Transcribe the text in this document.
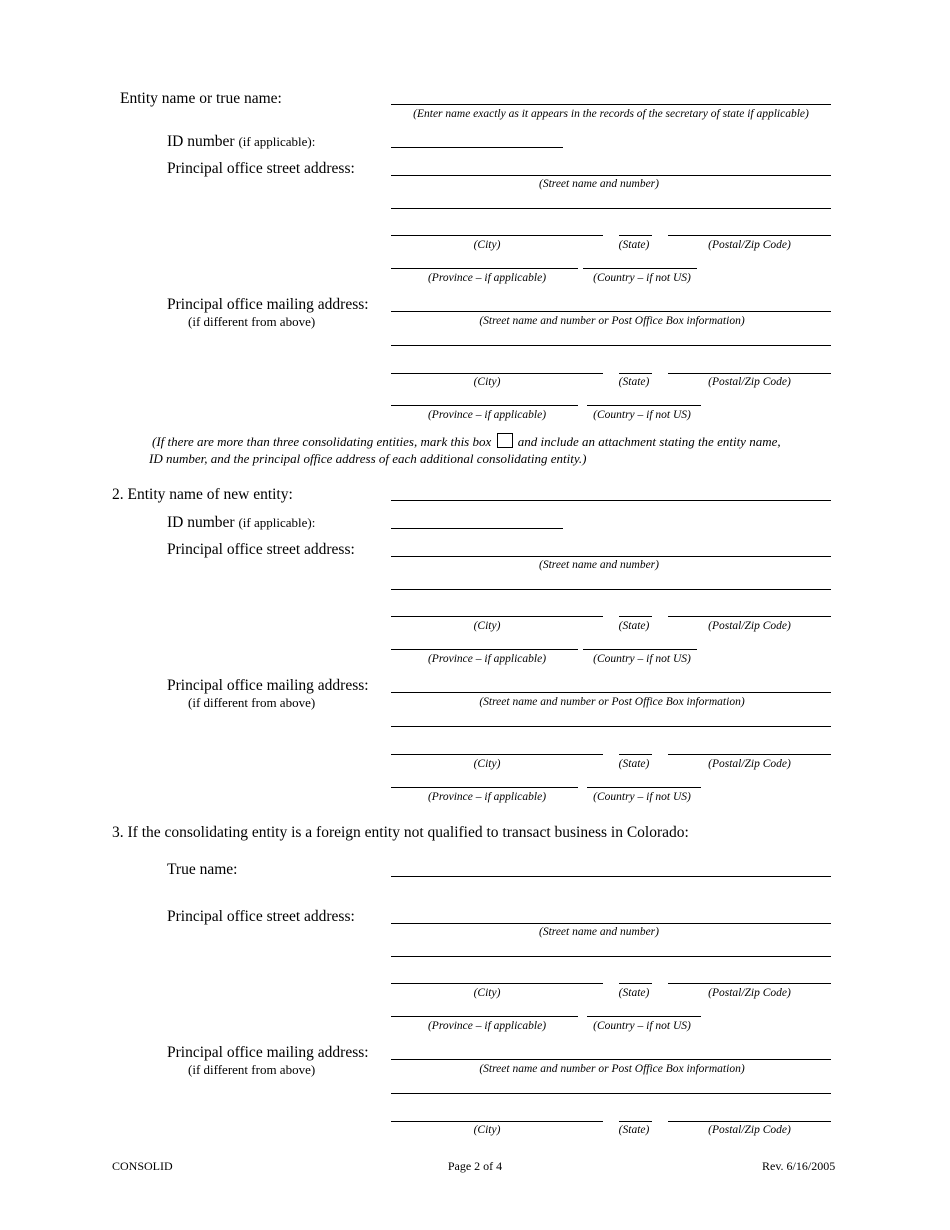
Entity name or true name:
(Enter name exactly as it appears in the records of the secretary of state if applicable)
ID number (if applicable):
Principal office street address:
(Street name and number)
(City)	(State)	(Postal/Zip Code)
(Province – if applicable)	(Country – if not US)
Principal office mailing address:
(if different from above)	(Street name and number or Post Office Box information)
(City)	(State)	(Postal/Zip Code)
(Province – if applicable)	(Country – if not US)
(If there are more than three consolidating entities, mark this box and include an attachment stating the entity name,
ID number, and the principal office address of each additional consolidating entity.)
2. Entity name of new entity:
ID number (if applicable):
Principal office street address:
(Street name and number)
(City)	(State)	(Postal/Zip Code)
(Province – if applicable)	(Country – if not US)
Principal office mailing address:
(if different from above)	(Street name and number or Post Office Box information)
(City)	(State)	(Postal/Zip Code)
(Province – if applicable)	(Country – if not US)
3. If the consolidating entity is a foreign entity not qualified to transact business in Colorado:
True name:
Principal office street address:
(Street name and number)
(City)	(State)	(Postal/Zip Code)
(Province – if applicable)	(Country – if not US)
Principal office mailing address:
(if different from above)	(Street name and number or Post Office Box information)
(City)	(State)	(Postal/Zip Code)
CONSOLID	Page 2 of 4	Rev. 6/16/2005
